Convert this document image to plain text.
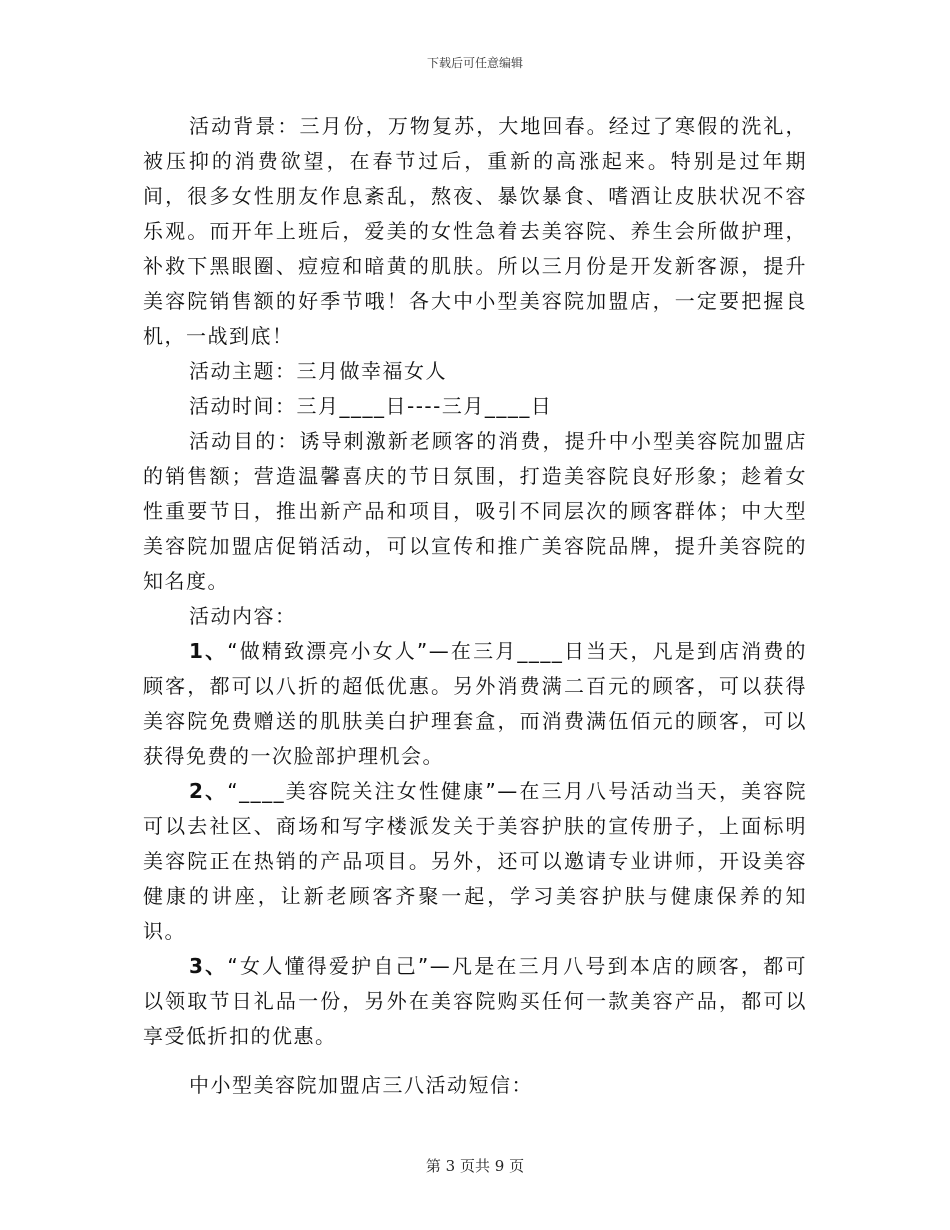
下载后可任意编辑

活动背景：三月份，万物复苏，大地回春。经过了寒假的洗礼，被压抑的消费欲望，在春节过后，重新的高涨起来。特别是过年期间，很多女性朋友作息紊乱，熬夜、暴饮暴食、嗜酒让皮肤状况不容乐观。而开年上班后，爱美的女性急着去美容院、养生会所做护理，补救下黑眼圈、痘痘和暗黄的肌肤。所以三月份是开发新客源，提升美容院销售额的好季节哦！各大中小型美容院加盟店，一定要把握良机，一战到底！

活动主题：三月做幸福女人

活动时间：三月____日----三月____日

活动目的：诱导刺激新老顾客的消费，提升中小型美容院加盟店的销售额；营造温馨喜庆的节日氛围，打造美容院良好形象；趁着女性重要节日，推出新产品和项目，吸引不同层次的顾客群体；中大型美容院加盟店促销活动，可以宣传和推广美容院品牌，提升美容院的知名度。

活动内容：

1、“做精致漂亮小女人”—在三月____日当天，凡是到店消费的顾客，都可以八折的超低优惠。另外消费满二百元的顾客，可以获得美容院免费赠送的肌肤美白护理套盒，而消费满伍佰元的顾客，可以获得免费的一次脸部护理机会。

2、“____美容院关注女性健康”—在三月八号活动当天，美容院可以去社区、商场和写字楼派发关于美容护肤的宣传册子，上面标明美容院正在热销的产品项目。另外，还可以邀请专业讲师，开设美容健康的讲座，让新老顾客齐聚一起，学习美容护肤与健康保养的知识。

3、“女人懂得爱护自己”—凡是在三月八号到本店的顾客，都可以领取节日礼品一份，另外在美容院购买任何一款美容产品，都可以享受低折扣的优惠。

中小型美容院加盟店三八活动短信：

第 3 页共 9 页
